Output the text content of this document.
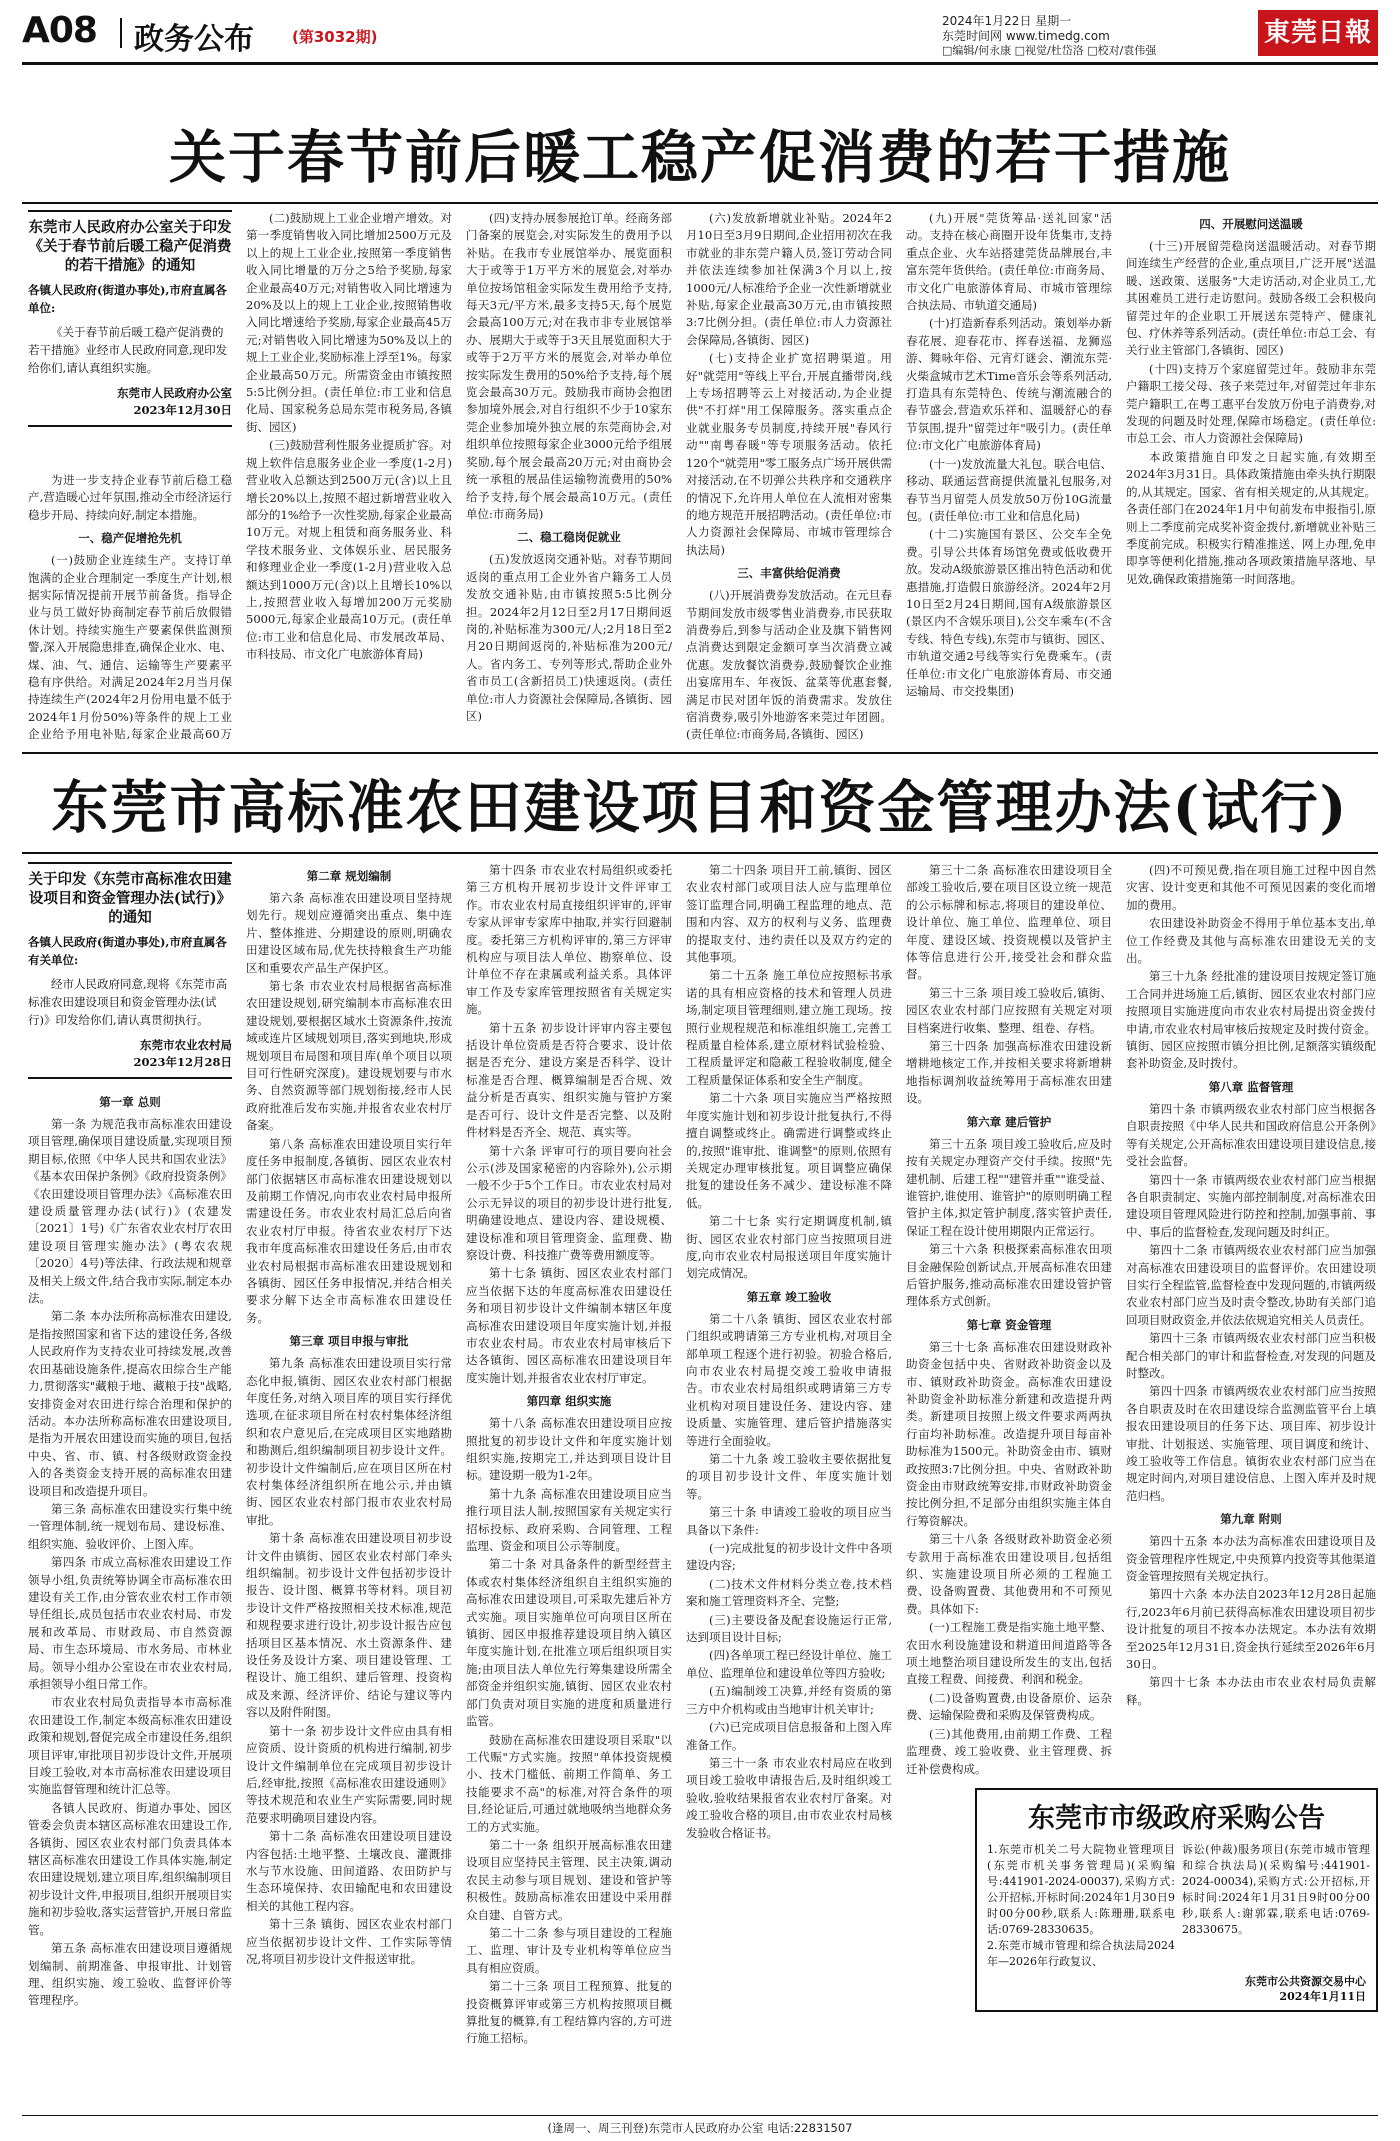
A08 政务公布	(第3032期)
2024年1月22日 星期一
东莞时间网 www.timedg.com
□编辑/何永康 □视觉/杜岱洛 □校对/袁伟强
東莞日報
关于春节前后暖工稳产促消费的若干措施
东莞市人民政府办公室关于印发《关于春节前后暖工稳产促消费的若干措施》的通知
各镇人民政府(街道办事处),市府直属各单位:
《关于春节前后暖工稳产促消费的若干措施》业经市人民政府同意,现印发给你们,请认真组织实施。
东莞市人民政府办公室
2023年12月30日

为进一步支持企业春节前后稳工稳产,营造暖心过年氛围,推动全市经济运行稳步开局、持续向好,制定本措施。

一、稳产促增抢先机

(一)鼓励企业连续生产。支持订单饱满的企业合理制定一季度生产计划,根据实际情况提前开展节前备货。指导企业与员工做好协商制定春节前后放假错休计划。持续实施生产要素保供监测预警,深入开展隐患排查,确保企业水、电、煤、油、气、通信、运输等生产要素平稳有序供给。对满足2024年2月当月保持连续生产(2024年2月份用电量不低于2024年1月份50%)等条件的规上工业企业给予用电补贴,每家企业最高60万

(二)鼓励规上工业企业增产增效。对第一季度销售收入同比增加2500万元及以上的规上工业企业,按照第一季度销售收入同比增量的万分之5给予奖励,每家企业最高40万元;对销售收入同比增速为20%及以上的规上工业企业,按照销售收入同比增速给予奖励,每家企业最高45万元;对销售收入同比增速为50%及以上的规上工业企业,奖励标准上浮至1%。每家企业最高50万元。所需资金由市镇按照5:5比例分担。(责任单位:市工业和信息化局、国家税务总局东莞市税务局,各镇街、园区)

(三)鼓励营利性服务业提质扩容。对规上软件信息服务业企业一季度(1-2月)营业收入总额达到2500万元(含)以上且增长20%以上,按照不超过新增营业收入部分的1%给予一次性奖励,每家企业最高10万元。对规上租赁和商务服务业、科学技术服务业、文体娱乐业、居民服务和修理业企业一季度(1-2月)营业收入总额达到1000万元(含)以上且增长10%以上,按照营业收入每增加200万元奖励5000元,每家企业最高10万元。(责任单位:市工业和信息化局、市发展改革局、市科技局、市文化广电旅游体育局)

(四)支持办展参展抢订单。经商务部门备案的展览会,对实际发生的费用予以补贴。在我市专业展馆举办、展览面积大于或等于1万平方米的展览会,对举办单位按场馆租金实际发生费用给予支持,每天3元/平方米,最多支持5天,每个展览会最高100万元;对在我市非专业展馆举办、展期大于或等于3天且展览面积大于或等于2万平方米的展览会,对举办单位按实际发生费用的50%给予支持,每个展览会最高30万元。鼓励我市商协会抱团参加境外展会,对自行组织不少于10家东莞企业参加境外独立展的东莞商协会,对组织单位按照每家企业3000元给予组展奖励,每个展会最高20万元;对由商协会统一承租的展品佳运输物流费用的50%给予支持,每个展会最高10万元。(责任单位:市商务局)

二、稳工稳岗促就业

(五)发放返岗交通补贴。对春节期间返岗的重点用工企业外省户籍务工人员发放交通补贴,由市镇按照5:5比例分担。2024年2月12日至2月17日期间返岗的,补贴标准为300元/人;2月18日至2月20日期间返岗的,补贴标准为200元/人。省内务工、专列等形式,帮助企业外省市员工(含新招员工)快速返岗。(责任单位:市人力资源社会保障局,各镇街、园区)

(六)发放新增就业补贴。2024年2月10日至3月9日期间,企业招用初次在我市就业的非东莞户籍人员,签订劳动合同并依法连续参加社保满3个月以上,按1000元/人标准给予企业一次性新增就业补贴,每家企业最高30万元,由市镇按照3:7比例分担。(责任单位:市人力资源社会保障局,各镇街、园区)

(七)支持企业扩宽招聘渠道。用好"就莞用"等线上平台,开展直播带岗,线上专场招聘等云上对接活动,为企业提供"不打烊"用工保障服务。落实重点企业就业服务专员制度,持续开展"春风行动""南粤春暖"等专项服务活动。依托120个"就莞用"零工服务点广场开展供需对接活动,在不切弹公共秩序和交通秩序的情况下,允许用人单位在人流相对密集的地方规范开展招聘活动。(责任单位:市人力资源社会保障局、市城市管理综合执法局)

三、丰富供给促消费

(八)开展消费券发放活动。在元旦春节期间发放市级零售业消费券,市民获取消费券后,到参与活动企业及旗下销售网点消费达到限定金额可享当次消费立减优惠。发放餐饮消费券,鼓励餐饮企业推出宴席用车、年夜饭、盆菜等优惠套餐,满足市民对团年饭的消费需求。发放住宿消费券,吸引外地游客来莞过年团圆。(责任单位:市商务局,各镇街、园区)

(九)开展"莞货筹品·送礼回家"活动。支持在核心商圈开设年货集市,支持重点企业、火车站搭建莞货品牌展台,丰富东莞年货供给。(责任单位:市商务局、市文化广电旅游体育局、市城市管理综合执法局、市轨道交通局)

(十)打造新春系列活动。策划举办新春花展、迎春花市、挥春送福、龙狮巡游、舞咏年俗、元宵灯谜会、潮流东莞·火柴盒城市艺术Time音乐会等系列活动,打造具有东莞特色、传统与潮流融合的春节盛会,营造欢乐祥和、温暖舒心的春节氛围,提升"留莞过年"吸引力。(责任单位:市文化广电旅游体育局)

(十一)发放流量大礼包。联合电信、移动、联通运营商提供流量礼包服务,对春节当月留莞人员发放50万份10G流量包。(责任单位:市工业和信息化局)

(十二)实施国有景区、公交车全免费。引导公共体育场馆免费或低收费开放。发动A级旅游景区推出特色活动和优惠措施,打造假日旅游经济。2024年2月10日至2月24日期间,国有A级旅游景区(景区内不含娱乐项目),公交车乘车(不含专线、特色专线),东莞市与镇街、园区、市轨道交通2号线等实行免费乘车。(责任单位:市文化广电旅游体育局、市交通运输局、市交投集团)

四、开展慰问送温暖

(十三)开展留莞稳岗送温暖活动。对春节期间连续生产经营的企业,重点项目,广泛开展"送温暖、送政策、送服务"大走访活动,对企业员工,尤其困难员工进行走访慰问。鼓励各级工会积极向留莞过年的企业职工开展送东莞特产、健康礼包、疗休养等系列活动。(责任单位:市总工会、有关行业主管部门,各镇街、园区)

(十四)支持万个家庭留莞过年。鼓励非东莞户籍职工接父母、孩子来莞过年,对留莞过年非东莞户籍职工,在粤工惠平台发放万份电子消费券,对发现的问题及时处理,保障市场稳定。(责任单位:市总工会、市人力资源社会保障局)

本政策措施自印发之日起实施,有效期至2024年3月31日。具体政策措施由牵头执行期限的,从其规定。国家、省有相关规定的,从其规定。各责任部门在2024年1月中旬前发布申报指引,原则上二季度前完成奖补资金拨付,新增就业补贴三季度前完成。积极实行精准推送、网上办理,免申即享等便利化措施,推动各项政策措施早落地、早见效,确保政策措施第一时间落地。

东莞市高标准农田建设项目和资金管理办法(试行)
关于印发《东莞市高标准农田建设项目和资金管理办法(试行)》的通知
各镇人民政府(街道办事处),市府直属各有关单位:
经市人民政府同意,现将《东莞市高标准农田建设项目和资金管理办法(试行)》印发给你们,请认真贯彻执行。
东莞市农业农村局
2023年12月28日

第一章 总则

第一条 为规范我市高标准农田建设项目管理,确保项目建设质量,实现项目预期目标,依照《中华人民共和国农业法》《基本农田保护条例》《政府投资条例》《农田建设项目管理办法》《高标准农田建设质量管理办法(试行)》(农建发〔2021〕1号)《广东省农业农村厅农田建设项目管理实施办法》(粤农农规〔2020〕4号)等法律、行政法规和规章及相关上级文件,结合我市实际,制定本办法。

第二条 本办法所称高标准农田建设,是指按照国家和省下达的建设任务,各级人民政府作为支持农业可持续发展,改善农田基础设施条件,提高农田综合生产能力,贯彻落实"藏粮于地、藏粮于技"战略,安排资金对农田进行综合治理和保护的活动。本办法所称高标准农田建设项目,是指为开展农田建设而实施的项目,包括中央、省、市、镇、村各级财政资金投入的各类资金支持开展的高标准农田建设项目和改造提升项目。

第三条 高标准农田建设实行集中统一管理体制,统一规划布局、建设标准、组织实施、验收评价、上图入库。

第四条 市成立高标准农田建设工作领导小组,负责统筹协调全市高标准农田建设有关工作,由分管农业农村工作市领导任组长,成员包括市农业农村局、市发展和改革局、市财政局、市自然资源局、市生态环境局、市水务局、市林业局。领导小组办公室设在市农业农村局,承担领导小组日常工作。

市农业农村局负责指导本市高标准农田建设工作,制定本级高标准农田建设政策和规划,督促完成全市建设任务,组织项目评审,审批项目初步设计文件,开展项目竣工验收,对本市高标准农田建设项目实施监督管理和统计汇总等。

各镇人民政府、街道办事处、园区管委会负责本辖区高标准农田建设工作,各镇街、园区农业农村部门负责具体本辖区高标准农田建设工作具体实施,制定农田建设规划,建立项目库,组织编制项目初步设计文件,申报项目,组织开展项目实施和初步验收,落实运营管护,开展日常监管。

第五条 高标准农田建设项目遵循规划编制、前期准备、申报审批、计划管理、组织实施、竣工验收、监督评价等管理程序。

第二章 规划编制

第六条 高标准农田建设项目坚持规划先行。规划应遵循突出重点、集中连片、整体推进、分期建设的原则,明确农田建设区域布局,优先扶持粮食生产功能区和重要农产品生产保护区。

第七条 市农业农村局根据省高标准农田建设规划,研究编制本市高标准农田建设规划,要根据区域水土资源条件,按流域或连片区域规划项目,落实到地块,形成规划项目布局图和项目库(单个项目以项目可行性研究深度)。建设规划要与市水务、自然资源等部门规划衔接,经市人民政府批准后发布实施,并报省农业农村厅备案。

第八条 高标准农田建设项目实行年度任务申报制度,各镇街、园区农业农村部门依据辖区市高标准农田建设规划以及前期工作情况,向市农业农村局申报所需建设任务。市农业农村局汇总后向省农业农村厅申报。待省农业农村厅下达我市年度高标准农田建设任务后,由市农业农村局根据市高标准农田建设规划和各镇街、园区任务申报情况,并结合相关要求分解下达全市高标准农田建设任务。

第三章 项目申报与审批

第九条 高标准农田建设项目实行常态化申报,镇街、园区农业农村部门根据年度任务,对纳入项目库的项目实行择优选项,在征求项目所在村农村集体经济组织和农户意见后,在完成项目区实地踏勘和勘测后,组织编制项目初步设计文件。初步设计文件编制后,应在项目区所在村农村集体经济组织所在地公示,并由镇街、园区农业农村部门报市农业农村局审批。

第十条 高标准农田建设项目初步设计文件由镇街、园区农业农村部门牵头组织编制。初步设计文件包括初步设计报告、设计图、概算书等材料。项目初步设计文件严格按照相关技术标准,规范和规程要求进行设计,初步设计报告应包括项目区基本情况、水土资源条件、建设任务及设计方案、项目建设管理、工程设计、施工组织、建后管理、投资构成及来源、经济评价、结论与建议等内容以及附件附图。

第十一条 初步设计文件应由具有相应资质、设计资质的机构进行编制,初步设计文件编制单位在完成项目初步设计后,经审批,按照《高标准农田建设通则》等技术规范和农业生产实际需要,同时规范要求明确项目建设内容。

第十二条 高标准农田建设项目建设内容包括:土地平整、土壤改良、灌溉排水与节水设施、田间道路、农田防护与生态环境保持、农田输配电和农田建设相关的其他工程内容。

第十三条 镇街、园区农业农村部门应当依据初步设计文件、工作实际等情况,将项目初步设计文件报送审批。

第十四条 市农业农村局组织或委托第三方机构开展初步设计文件评审工作。市农业农村局直接组织评审的,评审专家从评审专家库中抽取,并实行回避制度。委托第三方机构评审的,第三方评审机构应与项目法人单位、勘察单位、设计单位不存在隶属或利益关系。具体评审工作及专家库管理按照省有关规定实施。

第十五条 初步设计评审内容主要包括设计单位资质是否符合要求、设计依据是否充分、建设方案是否科学、设计标准是否合理、概算编制是否合规、效益分析是否真实、组织实施与管护方案是否可行、设计文件是否完整、以及附件材料是否齐全、规范、真实等。

第十六条 评审可行的项目要向社会公示(涉及国家秘密的内容除外),公示期一般不少于5个工作日。市农业农村局对公示无异议的项目的初步设计进行批复,明确建设地点、建设内容、建设规模、建设标准和项目管理资金、监理费、勘察设计费、科技推广费等费用额度等。

第十七条 镇街、园区农业农村部门应当依据下达的年度高标准农田建设任务和项目初步设计文件编制本辖区年度高标准农田建设项目年度实施计划,并报市农业农村局。市农业农村局审核后下达各镇街、园区高标准农田建设项目年度实施计划,并报省农业农村厅审定。

第四章 组织实施

第十八条 高标准农田建设项目应按照批复的初步设计文件和年度实施计划组织实施,按期完工,并达到项目设计目标。建设期一般为1-2年。

第十九条 高标准农田建设项目应当推行项目法人制,按照国家有关规定实行招标投标、政府采购、合同管理、工程监理、资金和项目公示等制度。

第二十条 对具备条件的新型经营主体或农村集体经济组织自主组织实施的高标准农田建设项目,可采取先建后补方式实施。项目实施单位可向项目区所在镇街、园区申报推荐建设项目纳入镇区年度实施计划,在批准立项后组织项目实施;由项目法人单位先行筹集建设所需全部资金并组织实施,镇街、园区农业农村部门负责对项目实施的进度和质量进行监管。

鼓励在高标准农田建设项目采取"以工代赈"方式实施。按照"单体投资规模小、技术门槛低、前期工作简单、务工技能要求不高"的标准,对符合条件的项目,经论证后,可通过就地吸纳当地群众务工的方式实施。

第二十一条 组织开展高标准农田建设项目应坚持民主管理、民主决策,调动农民主动参与项目规划、建设和管护等积极性。鼓励高标准农田建设中采用群众自建、自管方式。

第二十二条 参与项目建设的工程施工、监理、审计及专业机构等单位应当具有相应资质。

第二十三条 项目工程预算、批复的投资概算评审或第三方机构按照项目概算批复的概算,有工程结算内容的,方可进行施工招标。

第二十四条 项目开工前,镇街、园区农业农村部门或项目法人应与监理单位签订监理合同,明确工程监理的地点、范围和内容、双方的权利与义务、监理费的提取支付、违约责任以及双方约定的其他事项。

第二十五条 施工单位应按照标书承诺的具有相应资格的技术和管理人员进场,制定项目管理细则,建立施工现场。按照行业规程规范和标准组织施工,完善工程质量自检体系,建立原材料试验检验、工程质量评定和隐蔽工程验收制度,健全工程质量保证体系和安全生产制度。

第二十六条 项目实施应当严格按照年度实施计划和初步设计批复执行,不得擅自调整或终止。确需进行调整或终止的,按照"谁审批、谁调整"的原则,依照有关规定办理审核批复。项目调整应确保批复的建设任务不减少、建设标准不降低。

第二十七条 实行定期调度机制,镇街、园区农业农村部门应当按照项目进度,向市农业农村局报送项目年度实施计划完成情况。

第五章 竣工验收

第二十八条 镇街、园区农业农村部门组织或聘请第三方专业机构,对项目全部单项工程逐个进行初验。初验合格后,向市农业农村局提交竣工验收申请报告。市农业农村局组织或聘请第三方专业机构对项目建设任务、建设内容、建设质量、实施管理、建后管护措施落实等进行全面验收。

第二十九条 竣工验收主要依据批复的项目初步设计文件、年度实施计划等。

第三十条 申请竣工验收的项目应当具备以下条件:

(一)完成批复的初步设计文件中各项建设内容;

(二)技术文件材料分类立卷,技术档案和施工管理资料齐全、完整;

(三)主要设备及配套设施运行正常,达到项目设计目标;

(四)各单项工程已经设计单位、施工单位、监理单位和建设单位等四方验收;

(五)编制竣工决算,并经有资质的第三方中介机构或由当地审计机关审计;

(六)已完成项目信息报备和上图入库准备工作。

第三十一条 市农业农村局应在收到项目竣工验收申请报告后,及时组织竣工验收,验收结果报省农业农村厅备案。对竣工验收合格的项目,由市农业农村局核发验收合格证书。

第三十二条 高标准农田建设项目全部竣工验收后,要在项目区设立统一规范的公示标牌和标志,将项目的建设单位、设计单位、施工单位、监理单位、项目年度、建设区域、投资规模以及管护主体等信息进行公开,接受社会和群众监督。

第三十三条 项目竣工验收后,镇街、园区农业农村部门应按照有关规定对项目档案进行收集、整理、组卷、存档。

第三十四条 加强高标准农田建设新增耕地核定工作,并按相关要求将新增耕地指标调剂收益统筹用于高标准农田建设。

第六章 建后管护

第三十五条 项目竣工验收后,应及时按有关规定办理资产交付手续。按照"先建机制、后建工程""建管并重""谁受益、谁管护,谁使用、谁管护"的原则明确工程管护主体,拟定管护制度,落实管护责任,保证工程在设计使用期限内正常运行。

第三十六条 积极探索高标准农田项目金融保险创新试点,开展高标准农田建后管护服务,推动高标准农田建设管护管理体系方式创新。

第七章 资金管理

第三十七条 高标准农田建设财政补助资金包括中央、省财政补助资金以及市、镇财政补助资金。高标准农田建设补助资金补助标准分新建和改造提升两类。新建项目按照上级文件要求两两执行亩均补助标准。改造提升项目每亩补助标准为1500元。补助资金由市、镇财政按照3:7比例分担。中央、省财政补助资金由市财政统筹安排,市财政补助资金按比例分担,不足部分由组织实施主体自行筹资解决。

第三十八条 各级财政补助资金必须专款用于高标准农田建设项目,包括组织、实施建设项目所必须的工程施工费、设备购置费、其他费用和不可预见费。具体如下:

(一)工程施工费是指实施土地平整、农田水利设施建设和耕道田间道路等各项土地整治项目建设所发生的支出,包括直接工程费、间接费、利润和税金。

(二)设备购置费,由设备原价、运杂费、运输保险费和采购及保管费构成。

(三)其他费用,由前期工作费、工程监理费、竣工验收费、业主管理费、拆迁补偿费构成。

(四)不可预见费,指在项目施工过程中因自然灾害、设计变更和其他不可预见因素的变化而增加的费用。

农田建设补助资金不得用于单位基本支出,单位工作经费及其他与高标准农田建设无关的支出。

第三十九条 经批准的建设项目按规定签订施工合同并进场施工后,镇街、园区农业农村部门应按照项目实施进度向市农业农村局提出资金拨付申请,市农业农村局审核后按规定及时拨付资金。镇街、园区应按照市镇分担比例,足额落实镇级配套补助资金,及时拨付。

第八章 监督管理

第四十条 市镇两级农业农村部门应当根据各自职责按照《中华人民共和国政府信息公开条例》等有关规定,公开高标准农田建设项目建设信息,接受社会监督。

第四十一条 市镇两级农业农村部门应当根据各自职责制定、实施内部控制制度,对高标准农田建设项目管理风险进行防控和控制,加强事前、事中、事后的监督检查,发现问题及时纠正。

第四十二条 市镇两级农业农村部门应当加强对高标准农田建设项目的监督评价。农田建设项目实行全程监管,监督检查中发现问题的,市镇两级农业农村部门应当及时责令整改,协助有关部门追回项目财政资金,并依法依规追究相关人员责任。

第四十三条 市镇两级农业农村部门应当积极配合相关部门的审计和监督检查,对发现的问题及时整改。

第四十四条 市镇两级农业农村部门应当按照各自职责及时在农田建设综合监测监管平台上填报农田建设项目的任务下达、项目库、初步设计审批、计划报送、实施管理、项目调度和统计、竣工验收等工作信息。镇街农业农村部门应当在规定时间内,对项目建设信息、上图入库并及时规范归档。

第九章 附则

第四十五条 本办法为高标准农田建设项目及资金管理程序性规定,中央预算内投资等其他渠道资金管理按照有关规定执行。

第四十六条 本办法自2023年12月28日起施行,2023年6月前已获得高标准农田建设项目初步设计批复的项目不按本办法规定。本办法有效期至2025年12月31日,资金执行延续至2026年6月30日。

第四十七条 本办法由市农业农村局负责解释。

东莞市市级政府采购公告
1.东莞市机关二号大院物业管理项目(东莞市机关事务管理局)(采购编号:441901-2024-00037),采购方式:公开招标,开标时间:2024年1月30日9时00分00秒,联系人:陈珊珊,联系电话:0769-28330635。
2.东莞市城市管理和综合执法局2024年—2026年行政复议、
诉讼(仲裁)服务项目(东莞市城市管理和综合执法局)(采购编号:441901-2024-00034),采购方式:公开招标,开标时间:2024年1月31日9时00分00秒,联系人:谢郭霖,联系电话:0769-28330675。
东莞市公共资源交易中心
2024年1月11日
(逢周一、周三刊登)东莞市人民政府办公室 电话:22831507
